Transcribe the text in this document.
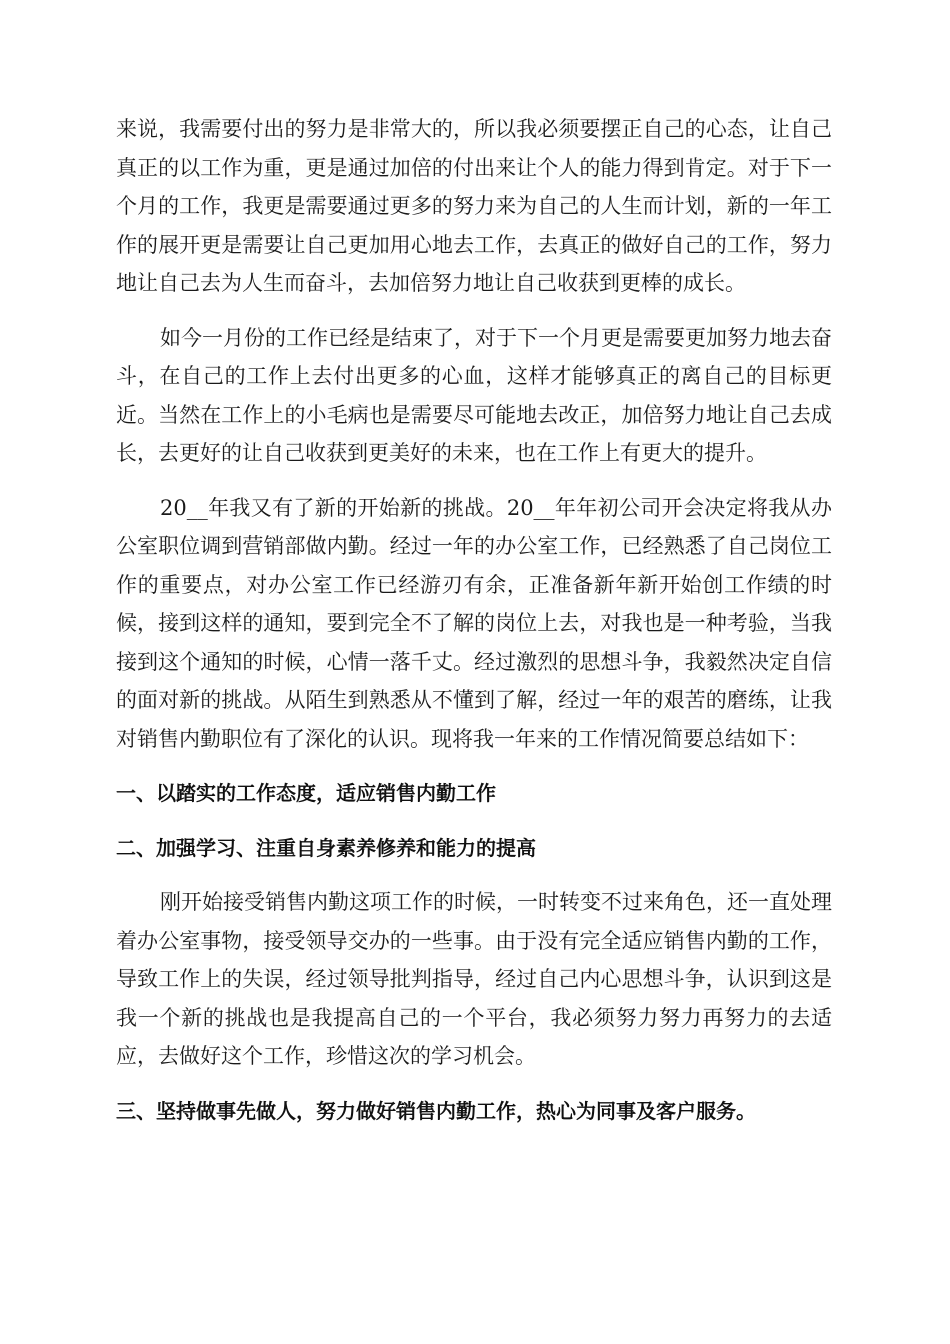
来说，我需要付出的努力是非常大的，所以我必须要摆正自己的心态，让自己真正的以工作为重，更是通过加倍的付出来让个人的能力得到肯定。对于下一个月的工作，我更是需要通过更多的努力来为自己的人生而计划，新的一年工作的展开更是需要让自己更加用心地去工作，去真正的做好自己的工作，努力地让自己去为人生而奋斗，去加倍努力地让自己收获到更棒的成长。

如今一月份的工作已经是结束了，对于下一个月更是需要更加努力地去奋斗，在自己的工作上去付出更多的心血，这样才能够真正的离自己的目标更近。当然在工作上的小毛病也是需要尽可能地去改正，加倍努力地让自己去成长，去更好的让自己收获到更美好的未来，也在工作上有更大的提升。

20__年我又有了新的开始新的挑战。20__年年初公司开会决定将我从办公室职位调到营销部做内勤。经过一年的办公室工作，已经熟悉了自己岗位工作的重要点，对办公室工作已经游刃有余，正准备新年新开始创工作绩的时候，接到这样的通知，要到完全不了解的岗位上去，对我也是一种考验，当我接到这个通知的时候，心情一落千丈。经过激烈的思想斗争，我毅然决定自信的面对新的挑战。从陌生到熟悉从不懂到了解，经过一年的艰苦的磨练，让我对销售内勤职位有了深化的认识。现将我一年来的工作情况简要总结如下：

一、以踏实的工作态度，适应销售内勤工作
二、加强学习、注重自身素养修养和能力的提高

刚开始接受销售内勤这项工作的时候，一时转变不过来角色，还一直处理着办公室事物，接受领导交办的一些事。由于没有完全适应销售内勤的工作，导致工作上的失误，经过领导批判指导，经过自己内心思想斗争，认识到这是我一个新的挑战也是我提高自己的一个平台，我必须努力努力再努力的去适应，去做好这个工作，珍惜这次的学习机会。

三、坚持做事先做人，努力做好销售内勤工作，热心为同事及客户服务。
